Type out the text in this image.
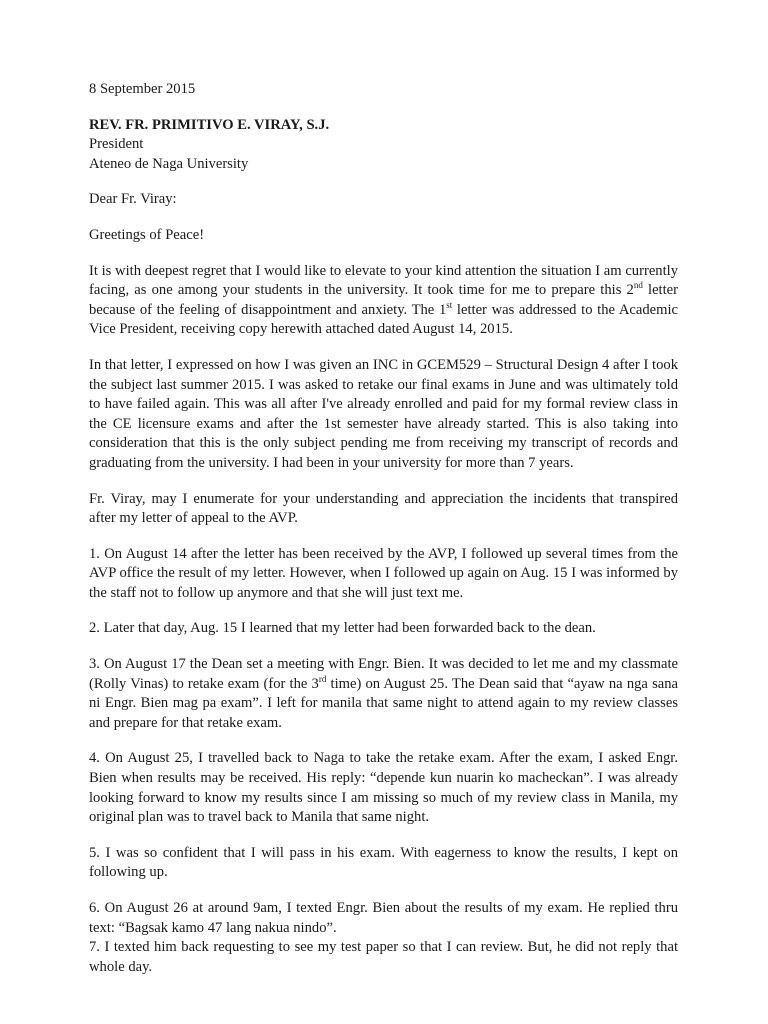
8 September 2015

REV. FR. PRIMITIVO E. VIRAY, S.J.

President

Ateneo de Naga University

Dear Fr. Viray:

Greetings of Peace!

It is with deepest regret that I would like to elevate to your kind attention the situation I am currently facing, as one among your students in the university. It took time for me to prepare this 2nd letter because of the feeling of disappointment and anxiety. The 1st letter was addressed to the Academic Vice President, receiving copy herewith attached dated August 14, 2015.

In that letter, I expressed on how I was given an INC in GCEM529 – Structural Design 4 after I took the subject last summer 2015. I was asked to retake our final exams in June and was ultimately told to have failed again. This was all after I've already enrolled and paid for my formal review class in the CE licensure exams and after the 1st semester have already started. This is also taking into consideration that this is the only subject pending me from receiving my transcript of records and graduating from the university. I had been in your university for more than 7 years.

Fr. Viray, may I enumerate for your understanding and appreciation the incidents that transpired after my letter of appeal to the AVP.

1. On August 14 after the letter has been received by the AVP, I followed up several times from the AVP office the result of my letter. However, when I followed up again on Aug. 15 I was informed by the staff not to follow up anymore and that she will just text me.

2. Later that day, Aug. 15 I learned that my letter had been forwarded back to the dean.

3. On August 17 the Dean set a meeting with Engr. Bien. It was decided to let me and my classmate (Rolly Vinas) to retake exam (for the 3rd time) on August 25. The Dean said that “ayaw na nga sana ni Engr. Bien mag pa exam”. I left for manila that same night to attend again to my review classes and prepare for that retake exam.

4. On August 25, I travelled back to Naga to take the retake exam. After the exam, I asked Engr. Bien when results may be received. His reply: “depende kun nuarin ko macheckan”. I was already looking forward to know my results since I am missing so much of my review class in Manila, my original plan was to travel back to Manila that same night.

5. I was so confident that I will pass in his exam. With eagerness to know the results, I kept on following up.

6. On August 26 at around 9am, I texted Engr. Bien about the results of my exam. He replied thru text: “Bagsak kamo 47 lang nakua nindo”.

7. I texted him back requesting to see my test paper so that I can review. But, he did not reply that whole day.
